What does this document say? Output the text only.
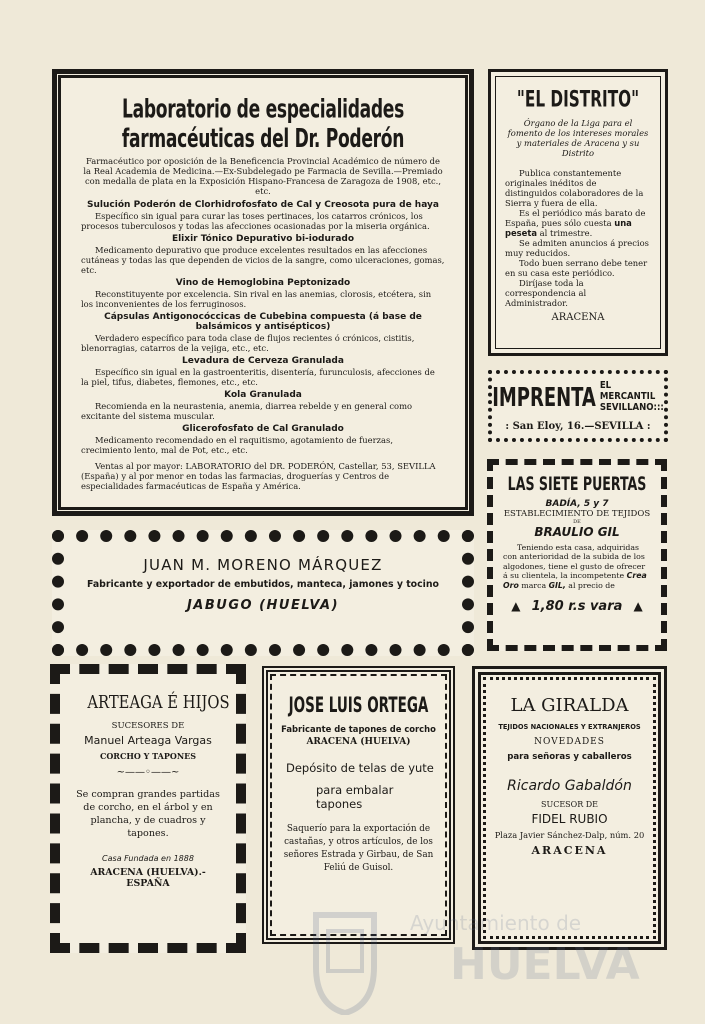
Laboratorio de especialidades farmacéuticas del Dr. Poderón

Farmacéutico por oposición de la Beneficencia Provincial Académico de número de la Real Academia de Medicina.—Ex-Subdelegado pe Farmacia de Sevilla.—Premiado con medalla de plata en la Exposición Hispano-Francesa de Zaragoza de 1908, etc., etc.

Sulución Poderón de Clorhidrofosfato de Cal y Creosota pura de haya

Específico sin igual para curar las toses pertinaces, los catarros crónicos, los procesos tuberculosos y todas las afecciones ocasionadas por la miseria orgánica.

Elixir Tónico Depurativo bi-iodurado

Medicamento depurativo que produce excelentes resultados en las afecciones cutáneas y todas las que dependen de vicios de la sangre, como ulceraciones, gomas, etc.

Vino de Hemoglobina Peptonizado

Reconstituyente por excelencia. Sin rival en las anemias, clorosis, etcétera, sin los inconvenientes de los ferruginosos.

Cápsulas Antigonocóccicas de Cubebina compuesta (á base de balsámicos y antisépticos)

Verdadero específico para toda clase de flujos recientes ó crónicos, cistitis, blenorragias, catarros de la vejiga, etc., etc.

Levadura de Cerveza Granulada

Específico sin igual en la gastroenteritis, disentería, furunculosis, afecciones de la piel, tifus, diabetes, flemones, etc., etc.

Kola Granulada

Recomienda en la neurastenia, anemia, diarrea rebelde y en general como excitante del sistema muscular.

Glicerofosfato de Cal Granulado

Medicamento recomendado en el raquitismo, agotamiento de fuerzas, crecimiento lento, mal de Pot, etc., etc.

Ventas al por mayor: LABORATORIO del DR. PODERÓN, Castellar, 53, SEVILLA (España) y al por menor en todas las farmacias, droguerías y Centros de especialidades farmacéuticas de España y América.

"EL DISTRITO"

Órgano de la Liga para el fomento de los intereses morales y materiales de Aracena y su Distrito

Publica constantemente originales inéditos de distinguidos colaboradores de la Sierra y fuera de ella.

Es el periódico más barato de España, pues sólo cuesta una peseta al trimestre.

Se admiten anuncios á precios muy reducidos.

Todo buen serrano debe tener en su casa este periódico.

Diríjase toda la correspondencia al Administrador.

ARACENA
IMPRENTA EL MERCANTIL
SEVILLANO:::
: San Eloy, 16.—SEVILLA :
LAS SIETE PUERTAS
BADÍA, 5 y 7
ESTABLECIMIENTO DE TEJIDOS
DE
BRAULIO GIL

Teniendo esta casa, adquiridas con anterioridad de la subida de los algodones, tiene el gusto de ofrecer á su clientela, la incompetente Crea Oro marca GIL, al precio de

▲ 1,80 r.s vara ▲
JUAN M. MORENO MÁRQUEZ
Fabricante y exportador de embutidos, manteca, jamones y tocino
JABUGO (HUELVA)
ARTEAGA É HIJOS
SUCESORES DE
Manuel Arteaga Vargas
CORCHO Y TAPONES
~——◦——~

Se compran grandes partidas de corcho, en el árbol y en plancha, y de cuadros y tapones.

Casa Fundada en 1888
ARACENA (HUELVA).-ESPAÑA
JOSE LUIS ORTEGA
Fabricante de tapones de corcho
ARACENA (HUELVA)
Depósito de telas de yute
para embalar tapones

Saquerío para la exportación de castañas, y otros artículos, de los señores Estrada y Girbau, de San Feliú de Guisol.

LA GIRALDA
TEJIDOS NACIONALES Y EXTRANJEROS
NOVEDADES
para señoras y caballeros
Ricardo Gabaldón
SUCESOR DE
FIDEL RUBIO
Plaza Javier Sánchez-Dalp, núm. 20
ARACENA
HUELVA
